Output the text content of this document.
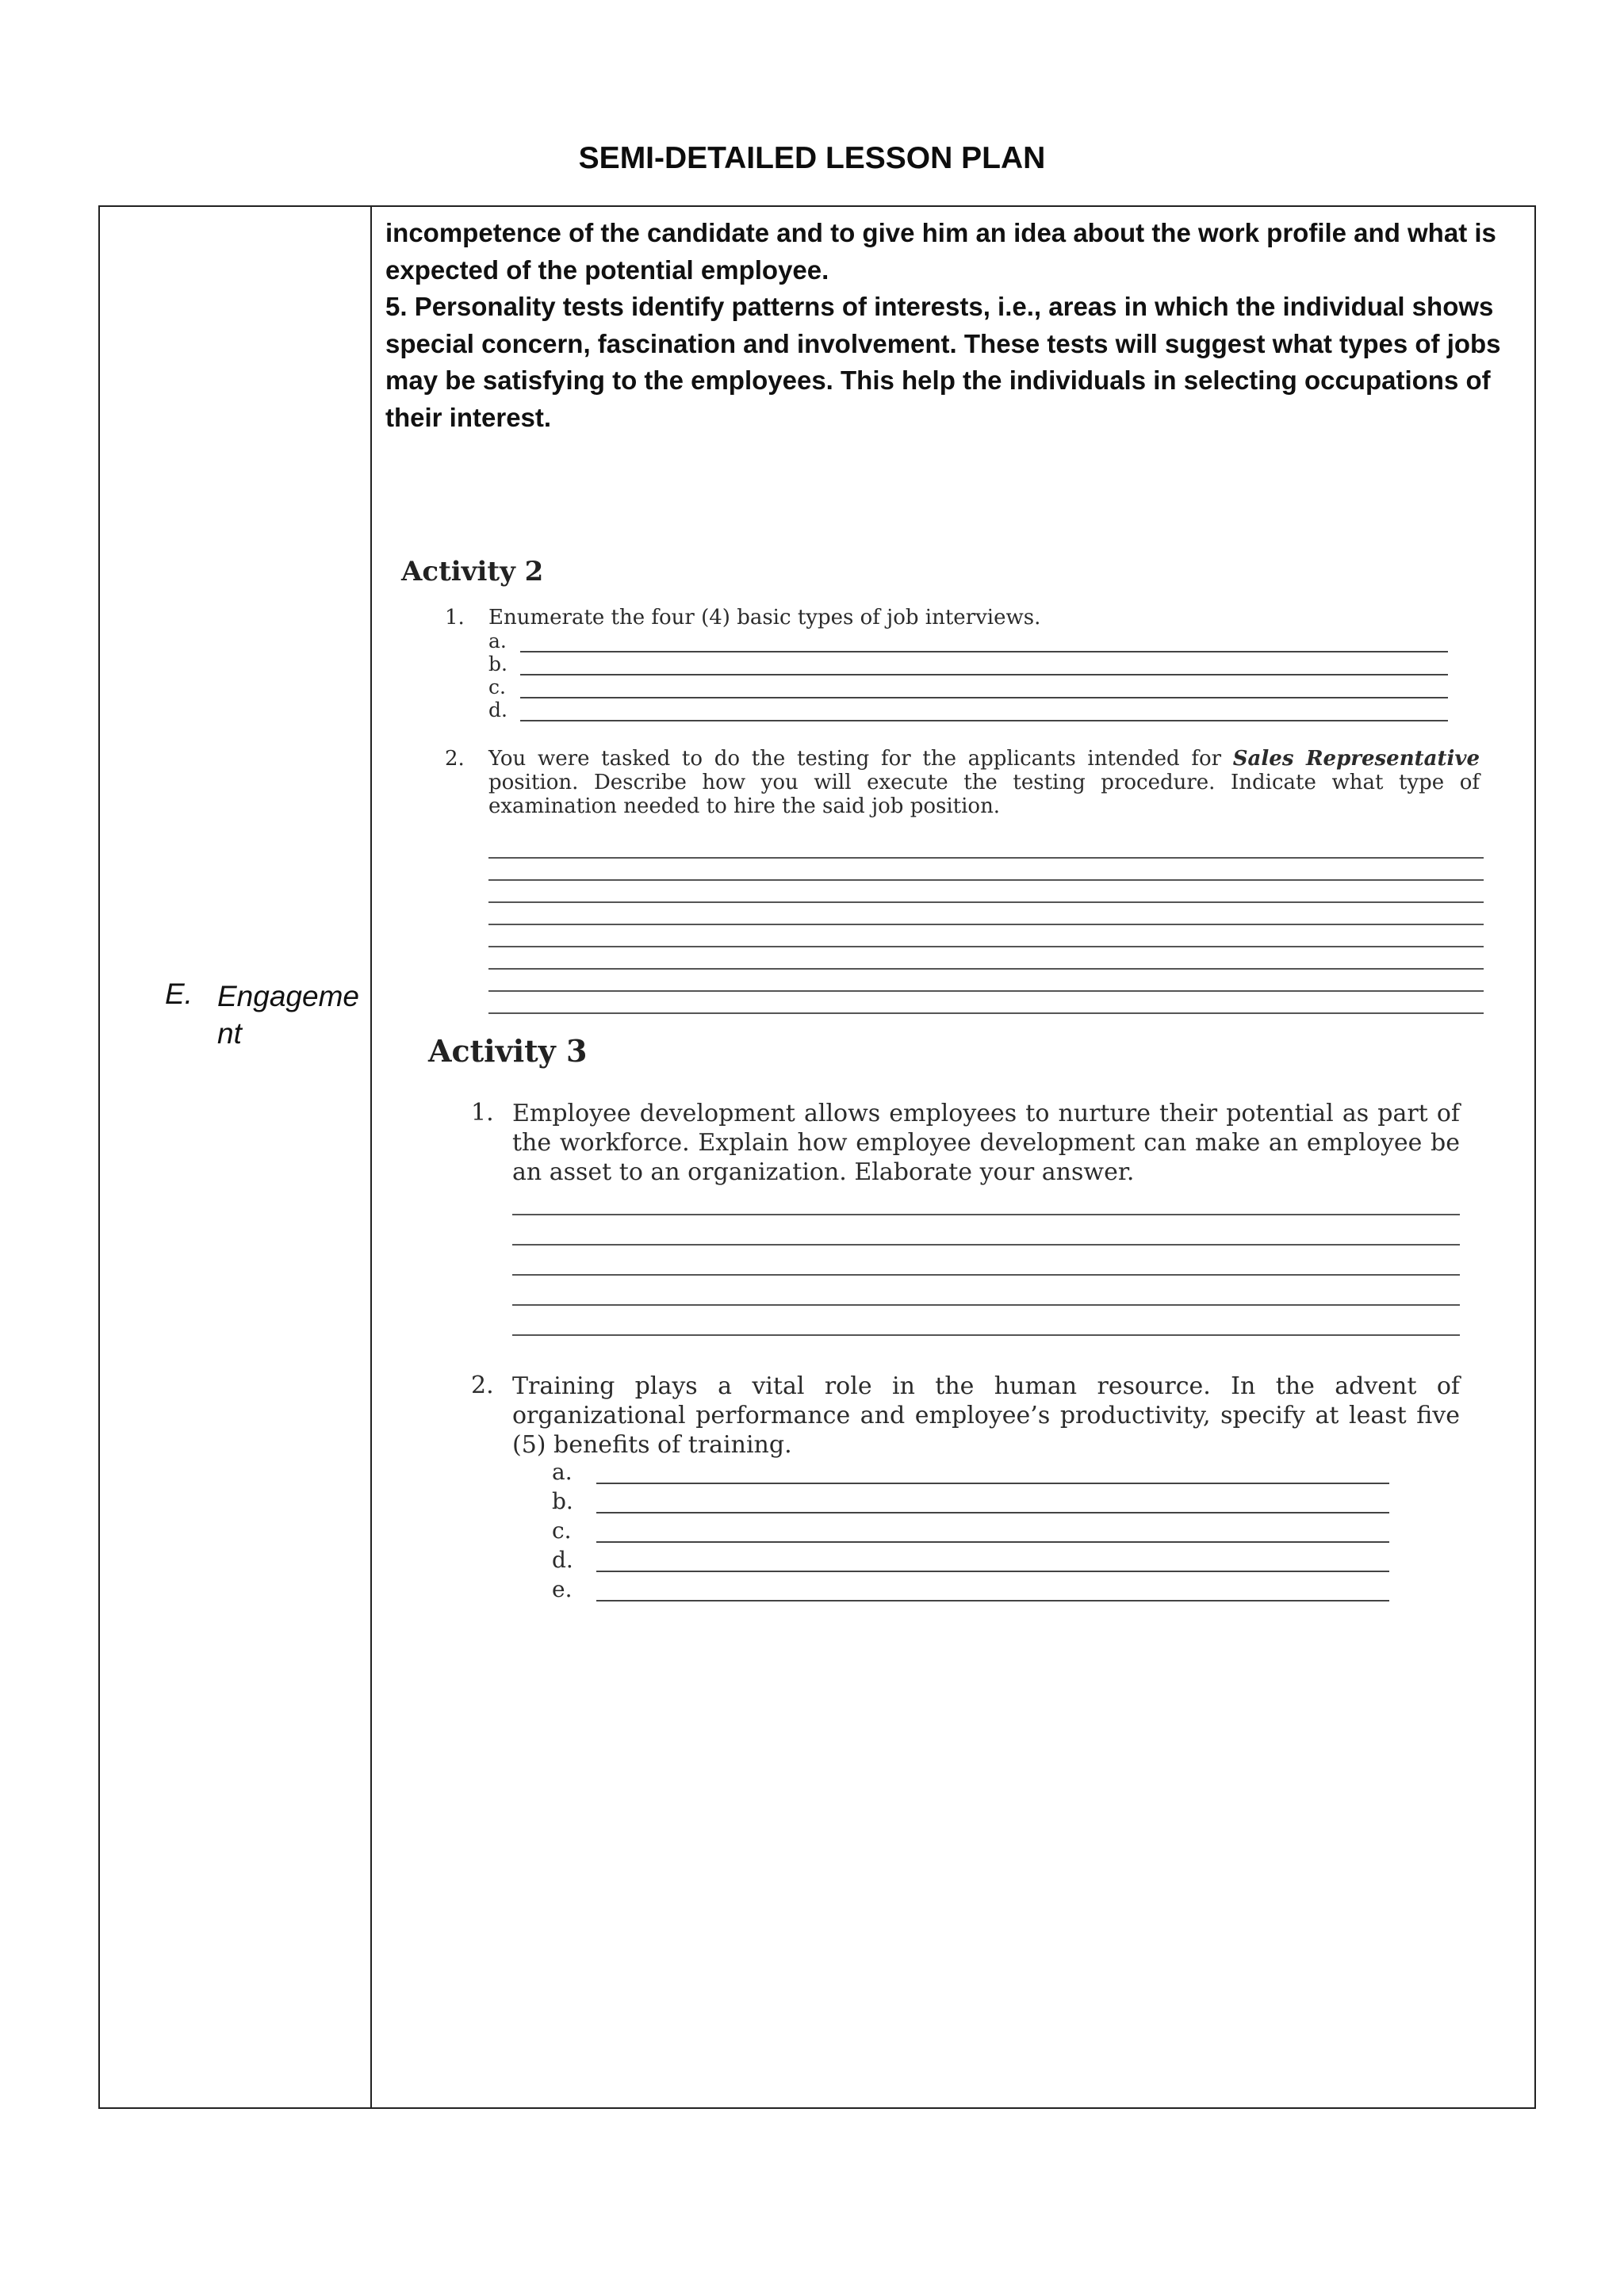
SEMI-DETAILED LESSON PLAN
E. Engagement

incompetence of the candidate and to give him an idea about the work profile and what is expected of the potential employee.

5. Personality tests identify patterns of interests, i.e., areas in which the individual shows special concern, fascination and involvement. These tests will suggest what types of jobs may be satisfying to the employees. This help the individuals in selecting occupations of their interest.

Activity 2
1. Enumerate the four (4) basic types of job interviews.
a.
b.
c.
d.
2. You were tasked to do the testing for the applicants intended for Sales Representative position. Describe how you will execute the testing procedure. Indicate what type of examination needed to hire the said job position.
Activity 3
1. Employee development allows employees to nurture their potential as part of the workforce. Explain how employee development can make an employee be an asset to an organization. Elaborate your answer.
2. Training plays a vital role in the human resource. In the advent of organizational performance and employee’s productivity, specify at least five (5) benefits of training.
a.
b.
c.
d.
e.
